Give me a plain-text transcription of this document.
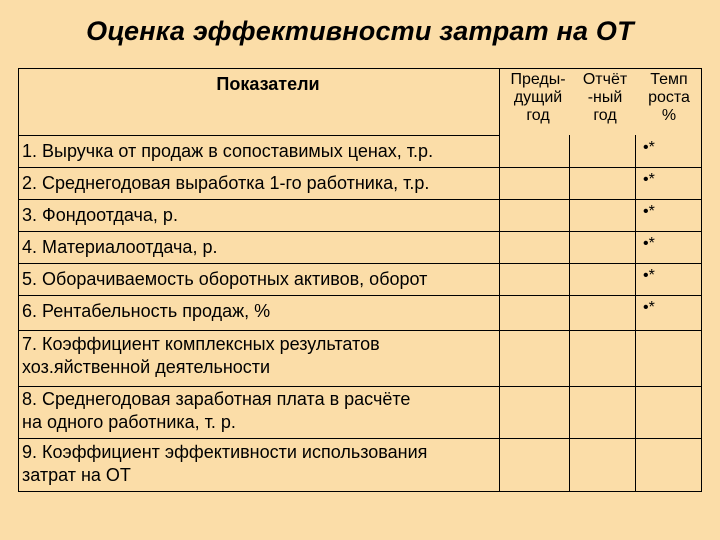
Оценка эффективности затрат на ОТ
Показатели	Преды-
дущий
год
Отчёт
-ный
год
Темп
роста
%
1. Выручка от продаж в сопоставимых ценах, т.р.
2. Среднегодовая выработка 1-го работника, т.р.
3. Фондоотдача, р.
4. Материалоотдача, р.
5. Оборачиваемость оборотных активов, оборот
6. Рентабельность продаж, %
7. Коэффициент комплексных результатов
хоз.яйственной деятельности
8. Среднегодовая заработная плата в расчёте
на одного работника, т. р.
9. Коэффициент эффективности использования
затрат на ОТ
•*
•*
•*
•*
•*
•*
